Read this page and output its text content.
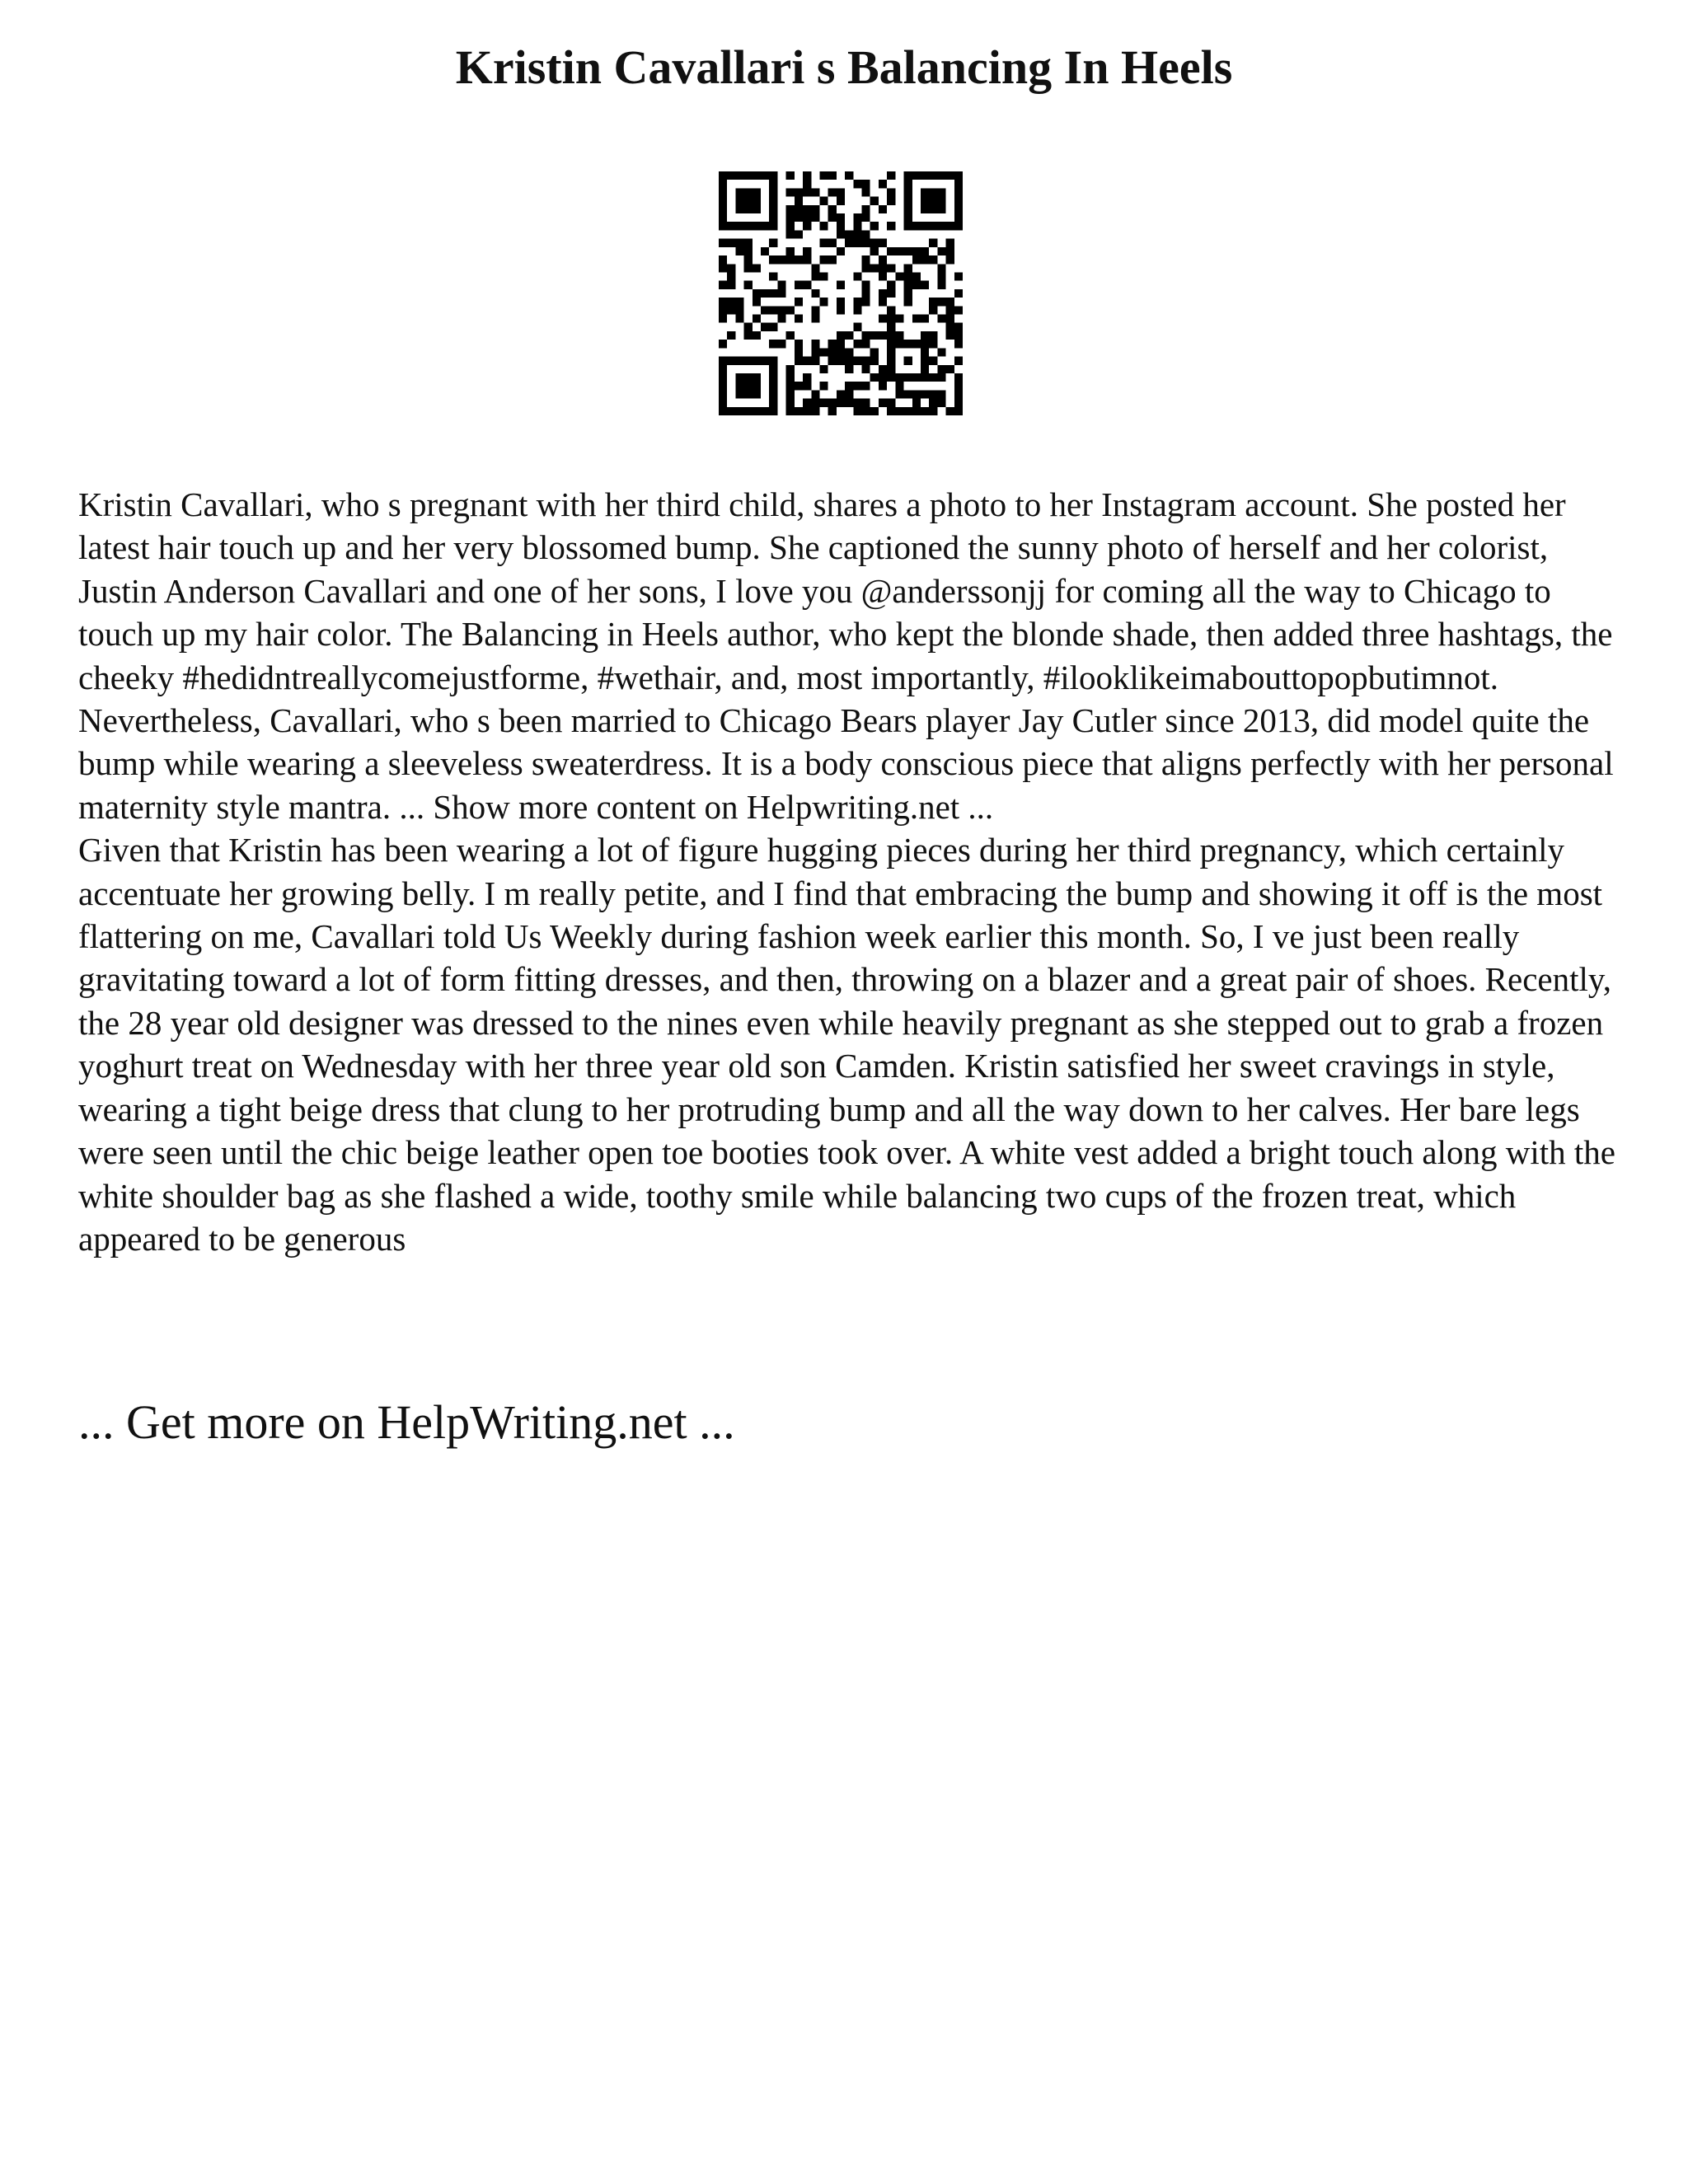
Kristin Cavallari s Balancing In Heels

Kristin Cavallari, who s pregnant with her third child, shares a photo to her Instagram account. She posted her latest hair touch up and her very blossomed bump. She captioned the sunny photo of herself and her colorist, Justin Anderson Cavallari and one of her sons, I love you @anderssonjj for coming all the way to Chicago to touch up my hair color. The Balancing in Heels author, who kept the blonde shade, then added three hashtags, the cheeky #hedidntreallycomejustforme, #wethair, and, most importantly, #ilooklikeimabouttopopbutimnot. Nevertheless, Cavallari, who s been married to Chicago Bears player Jay Cutler since 2013, did model quite the bump while wearing a sleeveless sweaterdress. It is a body conscious piece that aligns perfectly with her personal maternity style mantra. ... Show more content on Helpwriting.net ...

Given that Kristin has been wearing a lot of figure hugging pieces during her third pregnancy, which certainly accentuate her growing belly. I m really petite, and I find that embracing the bump and showing it off is the most flattering on me, Cavallari told Us Weekly during fashion week earlier this month. So, I ve just been really gravitating toward a lot of form fitting dresses, and then, throwing on a blazer and a great pair of shoes. Recently, the 28 year old designer was dressed to the nines even while heavily pregnant as she stepped out to grab a frozen yoghurt treat on Wednesday with her three year old son Camden. Kristin satisfied her sweet cravings in style, wearing a tight beige dress that clung to her protruding bump and all the way down to her calves. Her bare legs were seen until the chic beige leather open toe booties took over. A white vest added a bright touch along with the white shoulder bag as she flashed a wide, toothy smile while balancing two cups of the frozen treat, which appeared to be generous

... Get more on HelpWriting.net ...
